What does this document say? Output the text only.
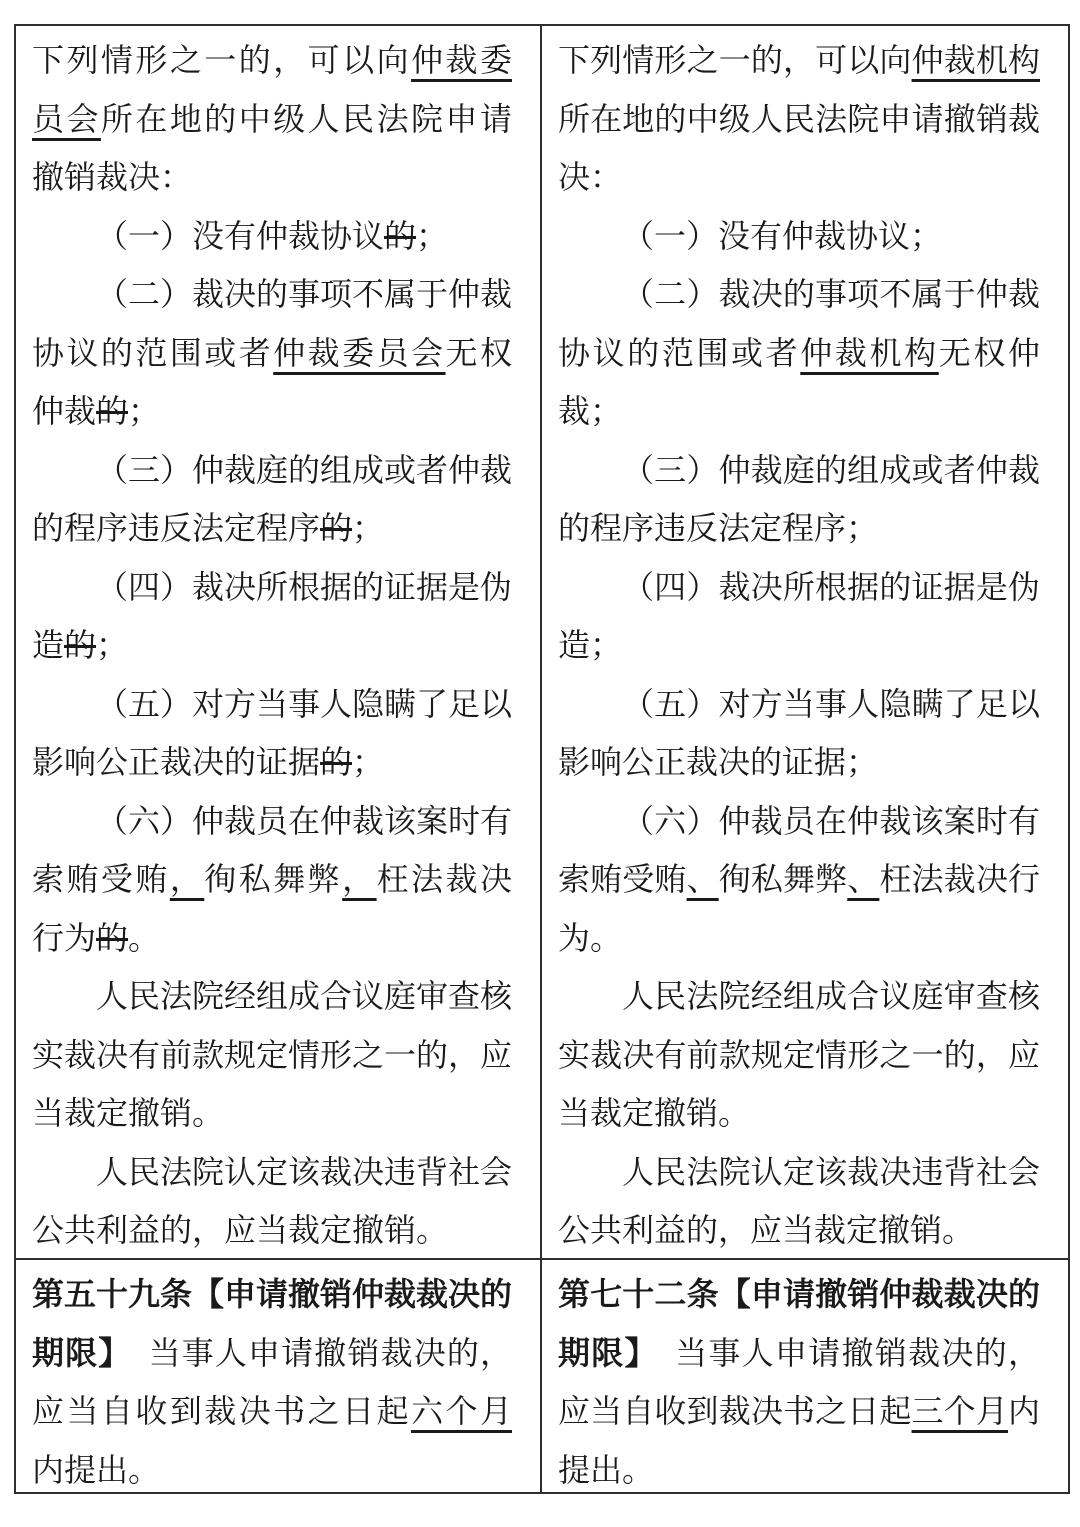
下列情形之一的，可以向仲裁委员会所在地的中级人民法院申请撤销裁决：

（一）没有仲裁协议的；

（二）裁决的事项不属于仲裁协议的范围或者仲裁委员会无权仲裁的；

（三）仲裁庭的组成或者仲裁的程序违反法定程序的；

（四）裁决所根据的证据是伪造的；

（五）对方当事人隐瞒了足以影响公正裁决的证据的；

（六）仲裁员在仲裁该案时有索贿受贿，徇私舞弊，枉法裁决行为的。

人民法院经组成合议庭审查核实裁决有前款规定情形之一的，应当裁定撤销。

人民法院认定该裁决违背社会公共利益的，应当裁定撤销。

下列情形之一的，可以向仲裁机构所在地的中级人民法院申请撤销裁决：

（一）没有仲裁协议；

（二）裁决的事项不属于仲裁协议的范围或者仲裁机构无权仲裁；

（三）仲裁庭的组成或者仲裁的程序违反法定程序；

（四）裁决所根据的证据是伪造；

（五）对方当事人隐瞒了足以影响公正裁决的证据；

（六）仲裁员在仲裁该案时有索贿受贿、徇私舞弊、枉法裁决行为。

人民法院经组成合议庭审查核实裁决有前款规定情形之一的，应当裁定撤销。

人民法院认定该裁决违背社会公共利益的，应当裁定撤销。

第五十九条【申请撤销仲裁裁决的期限】　当事人申请撤销裁决的，应当自收到裁决书之日起六个月内提出。

第七十二条【申请撤销仲裁裁决的期限】　当事人申请撤销裁决的，应当自收到裁决书之日起三个月内提出。
